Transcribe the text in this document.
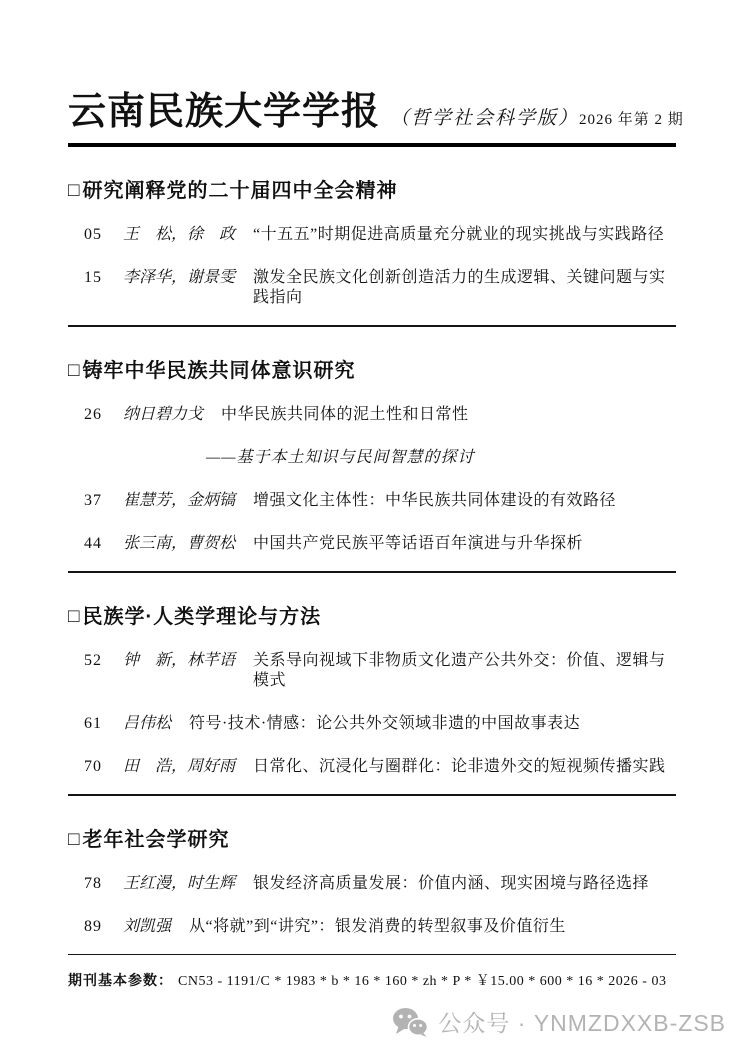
云南民族大学学报 （哲学社会科学版） 2026 年第 2 期
□ 研究阐释党的二十届四中全会精神
05	王　松，徐　政 “十五五”时期促进高质量充分就业的现实挑战与实践路径
15	李泽华，谢景雯 激发全民族文化创新创造活力的生成逻辑、关键问题与实践指向
□ 铸牢中华民族共同体意识研究
26	纳日碧力戈 中华民族共同体的泥土性和日常性
——基于本土知识与民间智慧的探讨
37	崔慧芳，金炳镐 增强文化主体性：中华民族共同体建设的有效路径
44	张三南，曹贺松 中国共产党民族平等话语百年演进与升华探析
□ 民族学·人类学理论与方法
52	钟　新，林芊语 关系导向视域下非物质文化遗产公共外交：价值、逻辑与模式
61	吕伟松 符号·技术·情感：论公共外交领域非遗的中国故事表达
70	田　浩，周好雨 日常化、沉浸化与圈群化：论非遗外交的短视频传播实践
□ 老年社会学研究
78	王红漫，时生辉 银发经济高质量发展：价值内涵、现实困境与路径选择
89	刘凯强 从“将就”到“讲究”：银发消费的转型叙事及价值衍生
期刊基本参数： CN53 - 1191/C * 1983 * b * 16 * 160 * zh * P * ￥15.00 * 600 * 16 * 2026 - 03
公众号 · YNMZDXXB-ZSB
